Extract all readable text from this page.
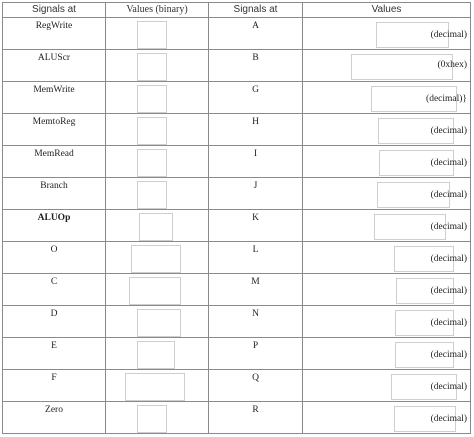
Signals at	Values (binary)	Signals at	Values

RegWrite		A	(decimal)

ALUScr		B	(0xhex)

MemWrite		G	(decimal)}

MemtoReg		H	(decimal)

MemRead		I	(decimal)

Branch		J	(decimal)

ALUOp		K	(decimal)

O		L	(decimal)

C		M	(decimal)

D		N	(decimal)

E		P	(decimal)

F		Q	(decimal)

Zero		R	(decimal)
